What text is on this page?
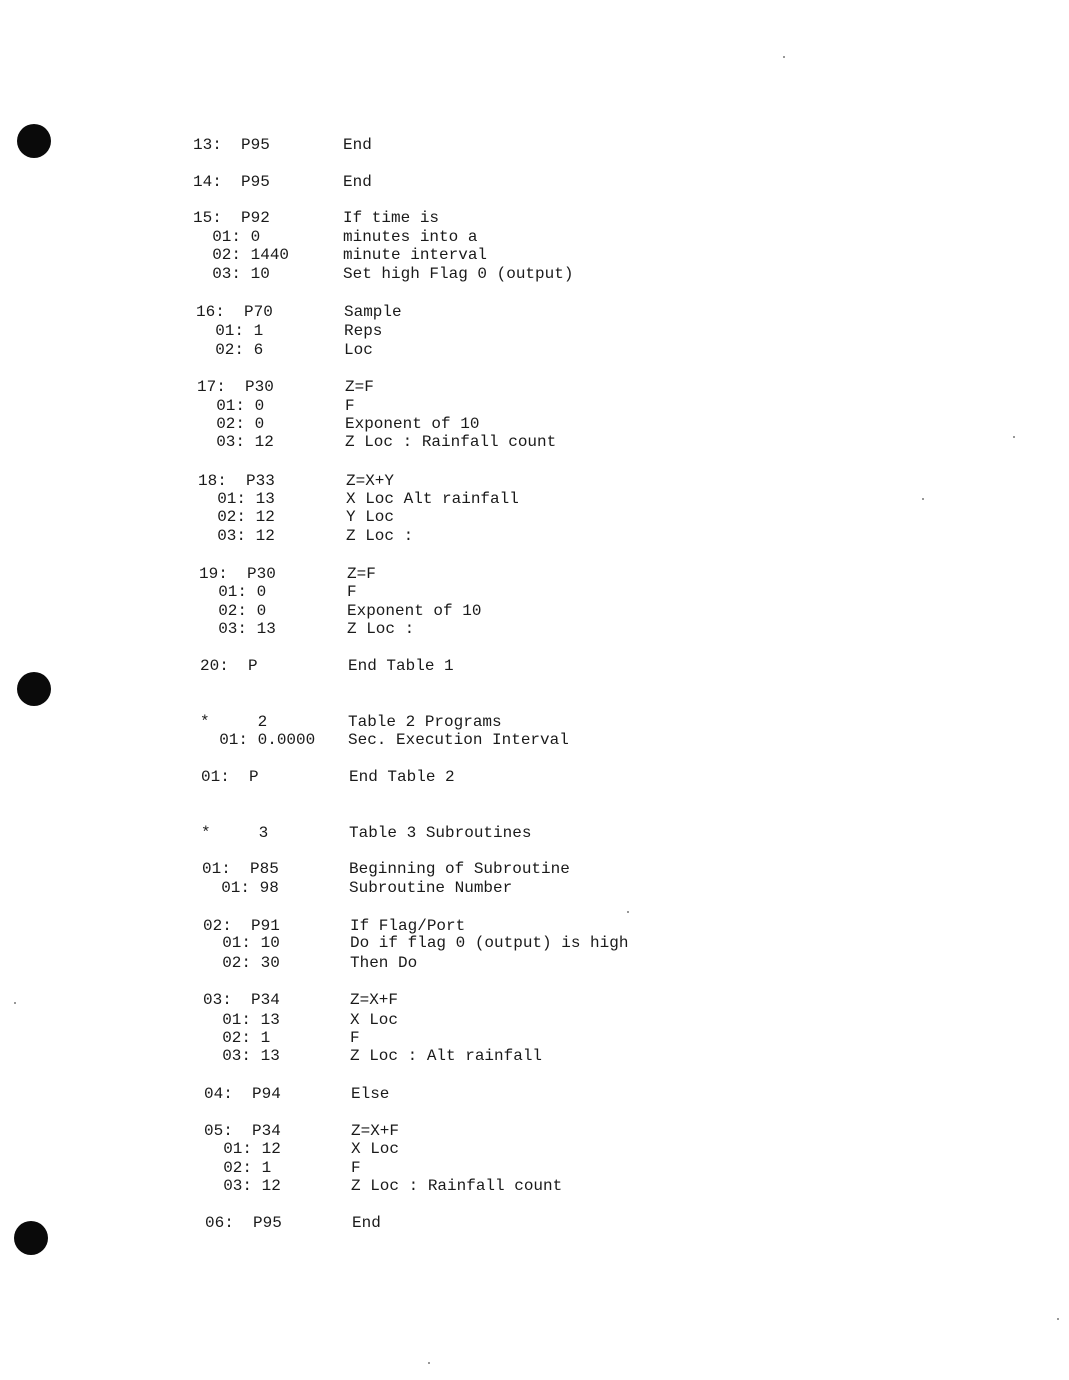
13:  P95	End
14:  P95	End
15:  P92	If time is
01: 0	minutes into a
02: 1440	minute interval
03: 10	Set high Flag 0 (output)
16:  P70	Sample
01: 1	Reps
02: 6	Loc
17:  P30	Z=F
01: 0	F
02: 0	Exponent of 10
03: 12	Z Loc : Rainfall count
18:  P33	Z=X+Y
01: 13	X Loc Alt rainfall
02: 12	Y Loc
03: 12	Z Loc :
19:  P30	Z=F
01: 0	F
02: 0	Exponent of 10
03: 13	Z Loc :
20:  P	End Table 1
*     2	Table 2 Programs
01: 0.0000 Sec. Execution Interval
01:  P	End Table 2
*     3	Table 3 Subroutines
01:  P85	Beginning of Subroutine
01: 98	Subroutine Number
02:  P91	If Flag/Port
01: 10	Do if flag 0 (output) is high
02: 30	Then Do
03:  P34	Z=X+F
01: 13	X Loc
02: 1	F
03: 13	Z Loc : Alt rainfall
04:  P94	Else
05:  P34	Z=X+F
01: 12	X Loc
02: 1	F
03: 12	Z Loc : Rainfall count
06:  P95	End
